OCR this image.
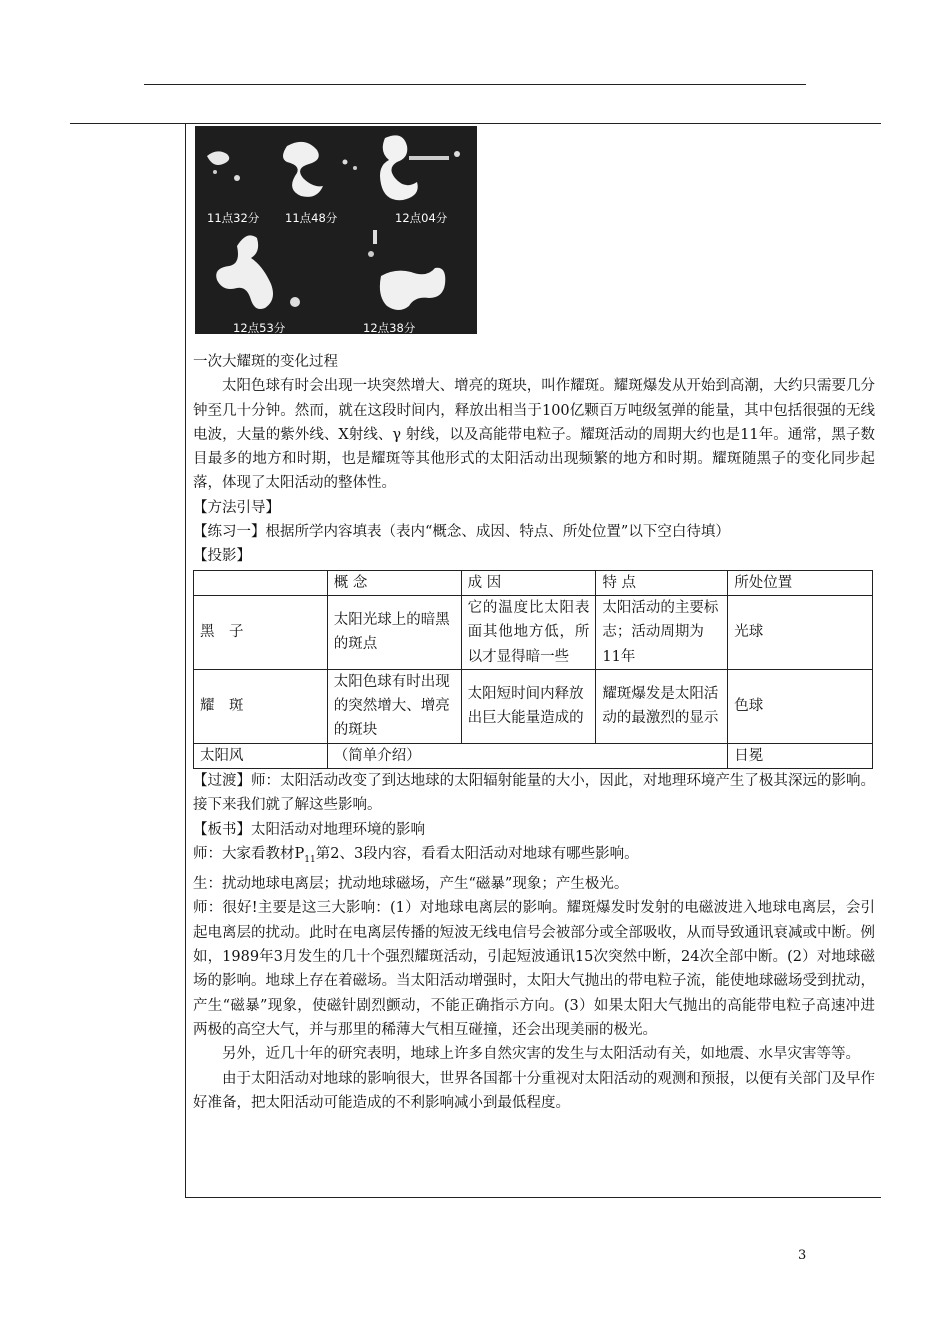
11点32分 11点48分	12点04分
12点53分	12点38分

一次大耀斑的变化过程

太阳色球有时会出现一块突然增大、增亮的斑块，叫作耀斑。耀斑爆发从开始到高潮，大约只需要几分钟至几十分钟。然而，就在这段时间内，释放出相当于100亿颗百万吨级氢弹的能量，其中包括很强的无线电波，大量的紫外线、X射线、γ 射线，以及高能带电粒子。耀斑活动的周期大约也是11年。通常，黑子数目最多的地方和时期，也是耀斑等其他形式的太阳活动出现频繁的地方和时期。耀斑随黑子的变化同步起落，体现了太阳活动的整体性。

【方法引导】

【练习一】根据所学内容填表（表内“概念、成因、特点、所处位置”以下空白待填）

【投影】

	概 念	成 因	特 点	所处位置
黑　子	太阳光球上的暗黑的斑点	它的温度比太阳表面其他地方低，所以才显得暗一些	太阳活动的主要标志；活动周期为11年	光球
耀　斑	太阳色球有时出现的突然增大、增亮的斑块	太阳短时间内释放出巨大能量造成的	耀斑爆发是太阳活动的最激烈的显示	色球
太阳风	（简单介绍）			日冕

【过渡】师：太阳活动改变了到达地球的太阳辐射能量的大小，因此，对地理环境产生了极其深远的影响。接下来我们就了解这些影响。

【板书】太阳活动对地理环境的影响

师：大家看教材$P_{11}$第2、3段内容，看看太阳活动对地球有哪些影响。

生：扰动地球电离层；扰动地球磁场，产生“磁暴”现象；产生极光。

师：很好!主要是这三大影响：(1）对地球电离层的影响。耀斑爆发时发射的电磁波进入地球电离层，会引起电离层的扰动。此时在电离层传播的短波无线电信号会被部分或全部吸收，从而导致通讯衰减或中断。例如，1989年3月发生的几十个强烈耀斑活动，引起短波通讯15次突然中断，24次全部中断。(2）对地球磁场的影响。地球上存在着磁场。当太阳活动增强时，太阳大气抛出的带电粒子流，能使地球磁场受到扰动，产生“磁暴”现象，使磁针剧烈颤动，不能正确指示方向。(3）如果太阳大气抛出的高能带电粒子高速冲进两极的高空大气，并与那里的稀薄大气相互碰撞，还会出现美丽的极光。

另外，近几十年的研究表明，地球上许多自然灾害的发生与太阳活动有关，如地震、水旱灾害等等。

由于太阳活动对地球的影响很大，世界各国都十分重视对太阳活动的观测和预报，以便有关部门及早作好准备，把太阳活动可能造成的不利影响减小到最低程度。

3
